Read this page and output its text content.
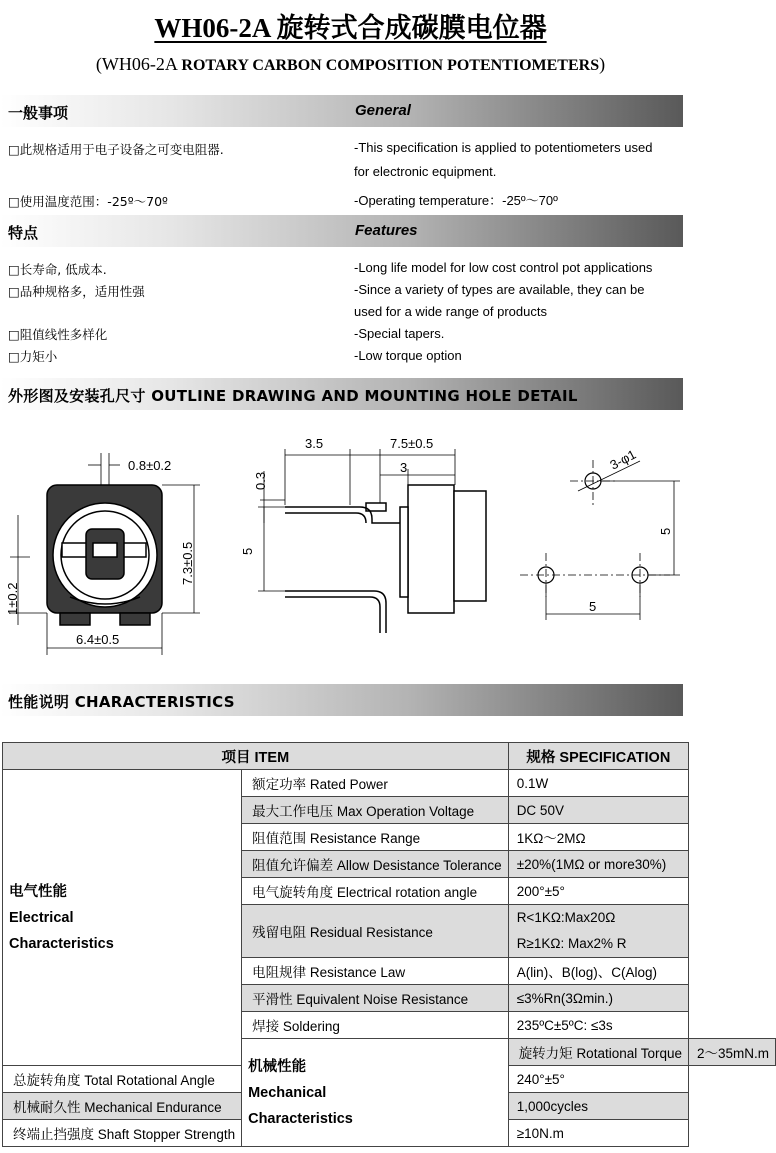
WH06-2A 旋转式合成碳膜电位器
(WH06-2A ROTARY CARBON COMPOSITION POTENTIOMETERS)
一般事项	General
□此规格适用于电子设备之可变电阻器.
□使用温度范围：-25º～70º
-This specification is applied to potentiometers used
for electronic equipment.
-Operating temperature：-25º～70º
特点	Features
□长寿命, 低成本.
□品种规格多，适用性强
□阻值线性多样化
□力矩小
-Long life model for low cost control pot applications
-Since a variety of types are available, they can be
used for a wide range of products
-Special tapers.
-Low torque option
外形图及安装孔尺寸 OUTLINE DRAWING AND MOUNTING HOLE DETAIL
0.8±0.2
7.3±0.5
1±0.2
6.4±0.5
3.5	7.5±0.5
3
0.3
5
3-φ1
5
5
性能说明 CHARACTERISTICS
项目 ITEM		规格 SPECIFICATION	

电气性能
Electrical
Characteristics	额定功率 Rated Power	0.1W	
	最大工作电压 Max Operation Voltage	DC 50V	
	阻值范围 Resistance Range	1KΩ～2MΩ	
	阻值允许偏差 Allow Desistance Tolerance	±20%(1MΩ or more30%)	
	电气旋转角度 Electrical rotation angle	200°±5°	
	残留电阻 Residual Resistance	R<1KΩ:Max20Ω
R≥1KΩ: Max2% R	

	电阻规律 Resistance Law	A(lin)、B(log)、C(Alog)	
	平滑性 Equivalent Noise Resistance	≤3%Rn(3Ωmin.)	
	焊接 Soldering	235ºC±5ºC: ≤3s	

	机械性能
Mechanical
Characteristics	旋转力矩 Rotational Torque	2～35mN.m
总旋转角度 Total Rotational Angle		240°±5°	
机械耐久性 Mechanical Endurance		1,000cycles	
终端止挡强度 Shaft Stopper Strength		≥10N.m	
